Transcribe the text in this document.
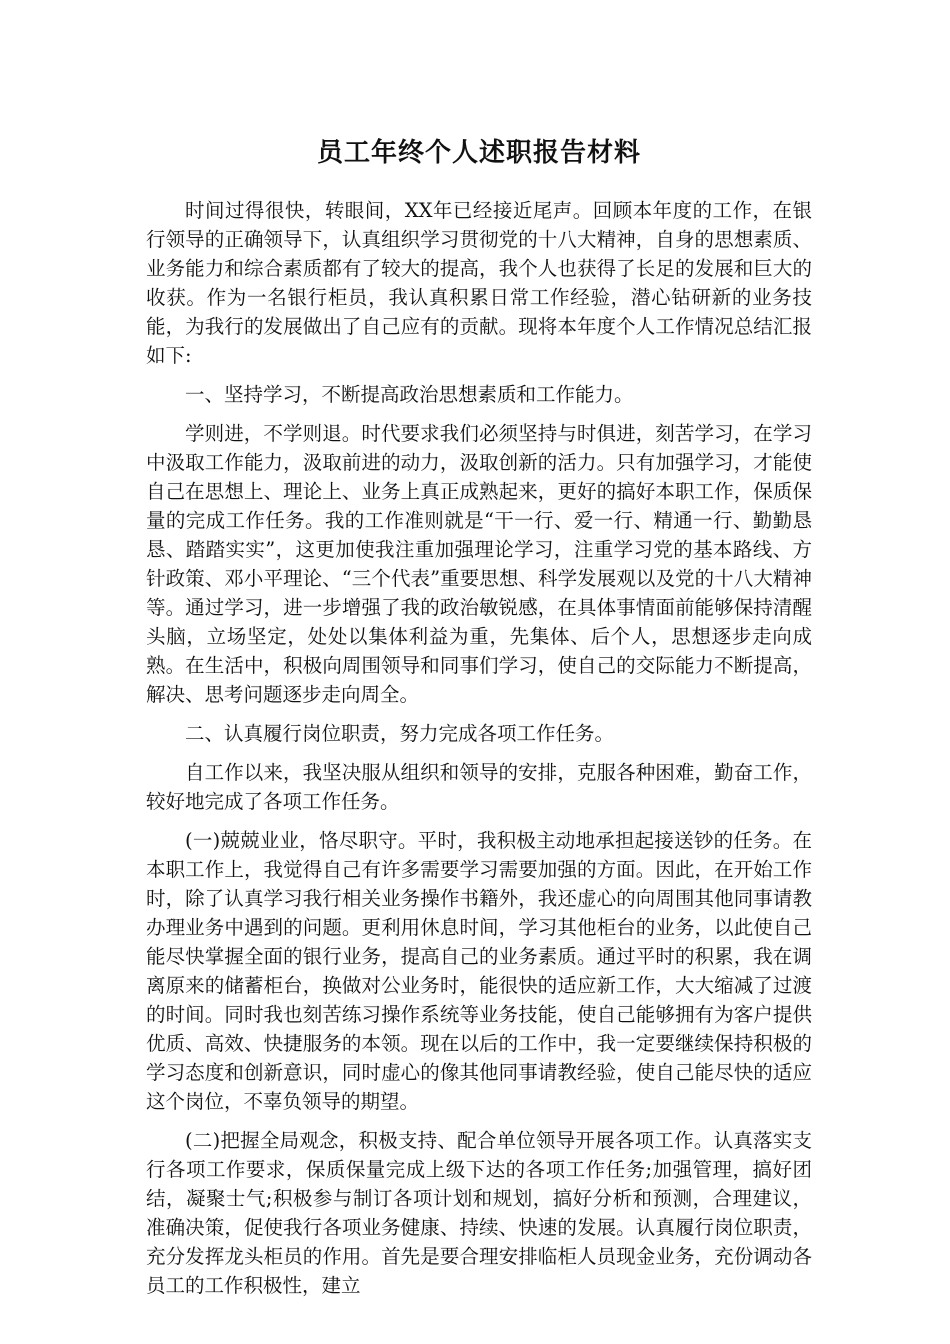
员工年终个人述职报告材料

时间过得很快，转眼间，XX年已经接近尾声。回顾本年度的工作，在银行领导的正确领导下，认真组织学习贯彻党的十八大精神，自身的思想素质、业务能力和综合素质都有了较大的提高，我个人也获得了长足的发展和巨大的收获。作为一名银行柜员，我认真积累日常工作经验，潜心钻研新的业务技能，为我行的发展做出了自己应有的贡献。现将本年度个人工作情况总结汇报如下:

一、坚持学习，不断提高政治思想素质和工作能力。

学则进，不学则退。时代要求我们必须坚持与时俱进，刻苦学习，在学习中汲取工作能力，汲取前进的动力，汲取创新的活力。只有加强学习，才能使自己在思想上、理论上、业务上真正成熟起来，更好的搞好本职工作，保质保量的完成工作任务。我的工作准则就是“干一行、爱一行、精通一行、勤勤恳恳、踏踏实实”，这更加使我注重加强理论学习，注重学习党的基本路线、方针政策、邓小平理论、“三个代表”重要思想、科学发展观以及党的十八大精神等。通过学习，进一步增强了我的政治敏锐感，在具体事情面前能够保持清醒头脑，立场坚定，处处以集体利益为重，先集体、后个人，思想逐步走向成熟。在生活中，积极向周围领导和同事们学习，使自己的交际能力不断提高，解决、思考问题逐步走向周全。

二、认真履行岗位职责，努力完成各项工作任务。

自工作以来，我坚决服从组织和领导的安排，克服各种困难，勤奋工作，较好地完成了各项工作任务。

(一)兢兢业业，恪尽职守。平时，我积极主动地承担起接送钞的任务。在本职工作上，我觉得自己有许多需要学习需要加强的方面。因此，在开始工作时，除了认真学习我行相关业务操作书籍外，我还虚心的向周围其他同事请教办理业务中遇到的问题。更利用休息时间，学习其他柜台的业务，以此使自己能尽快掌握全面的银行业务，提高自己的业务素质。通过平时的积累，我在调离原来的储蓄柜台，换做对公业务时，能很快的适应新工作，大大缩减了过渡的时间。同时我也刻苦练习操作系统等业务技能，使自己能够拥有为客户提供优质、高效、快捷服务的本领。现在以后的工作中，我一定要继续保持积极的学习态度和创新意识，同时虚心的像其他同事请教经验，使自己能尽快的适应这个岗位，不辜负领导的期望。

(二)把握全局观念，积极支持、配合单位领导开展各项工作。认真落实支行各项工作要求，保质保量完成上级下达的各项工作任务;加强管理，搞好团结，凝聚士气;积极参与制订各项计划和规划，搞好分析和预测，合理建议，准确决策，促使我行各项业务健康、持续、快速的发展。认真履行岗位职责，充分发挥龙头柜员的作用。首先是要合理安排临柜人员现金业务，充份调动各员工的工作积极性，建立
